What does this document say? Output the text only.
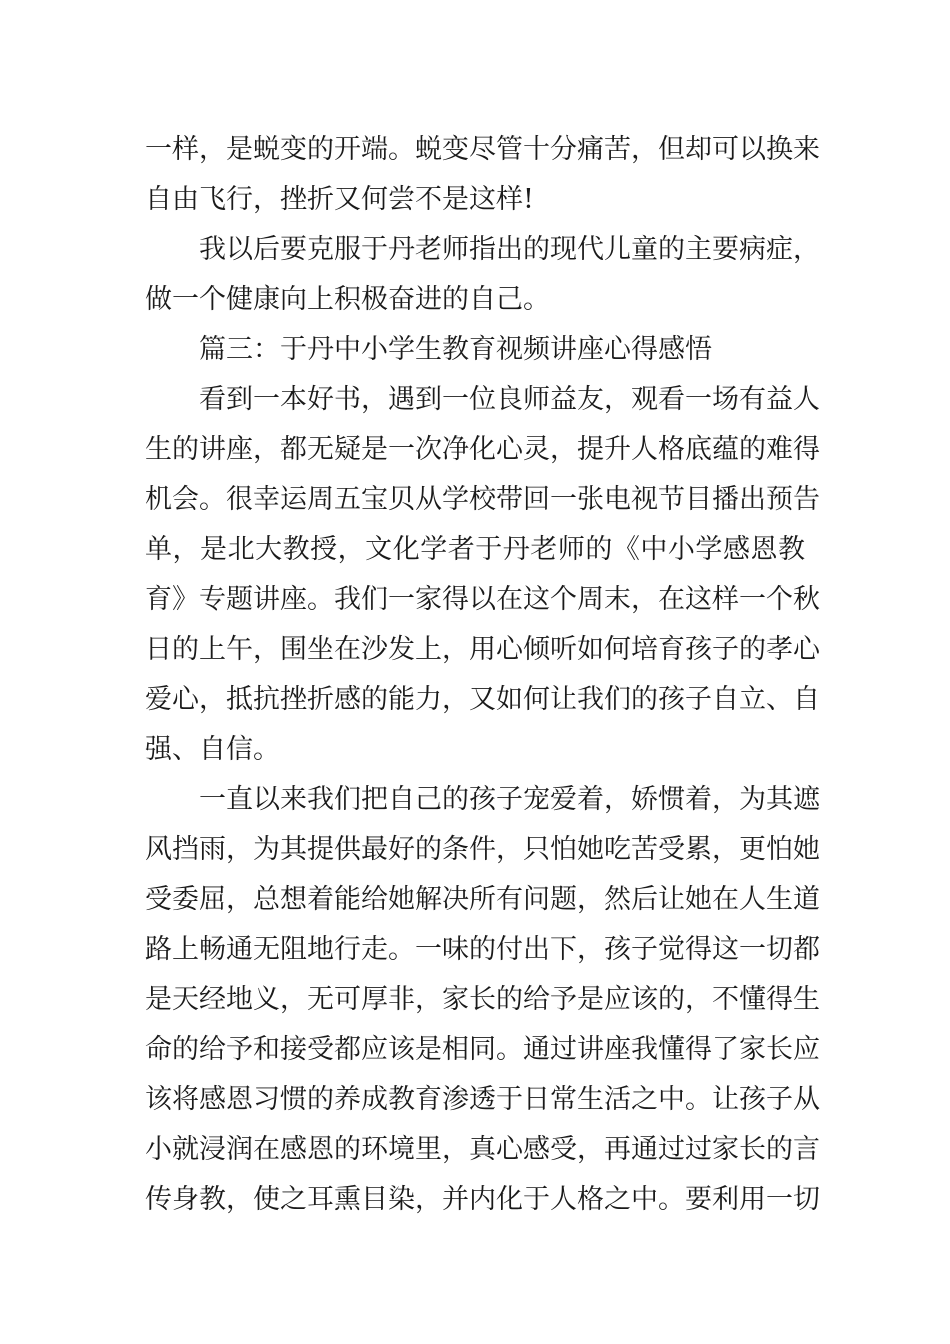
一样，是蜕变的开端。蜕变尽管十分痛苦，但却可以换来

自由飞行，挫折又何尝不是这样!

我以后要克服于丹老师指出的现代儿童的主要病症，

做一个健康向上积极奋进的自己。

篇三：于丹中小学生教育视频讲座心得感悟

看到一本好书，遇到一位良师益友，观看一场有益人

生的讲座，都无疑是一次净化心灵，提升人格底蕴的难得

机会。很幸运周五宝贝从学校带回一张电视节目播出预告

单，是北大教授，文化学者于丹老师的《中小学感恩教

育》专题讲座。我们一家得以在这个周末，在这样一个秋

日的上午，围坐在沙发上，用心倾听如何培育孩子的孝心

爱心，抵抗挫折感的能力，又如何让我们的孩子自立、自

强、自信。

一直以来我们把自己的孩子宠爱着，娇惯着，为其遮

风挡雨，为其提供最好的条件，只怕她吃苦受累，更怕她

受委屈，总想着能给她解决所有问题，然后让她在人生道

路上畅通无阻地行走。一味的付出下，孩子觉得这一切都

是天经地义，无可厚非，家长的给予是应该的，不懂得生

命的给予和接受都应该是相同。通过讲座我懂得了家长应

该将感恩习惯的养成教育渗透于日常生活之中。让孩子从

小就浸润在感恩的环境里，真心感受，再通过过家长的言

传身教，使之耳熏目染，并内化于人格之中。要利用一切
